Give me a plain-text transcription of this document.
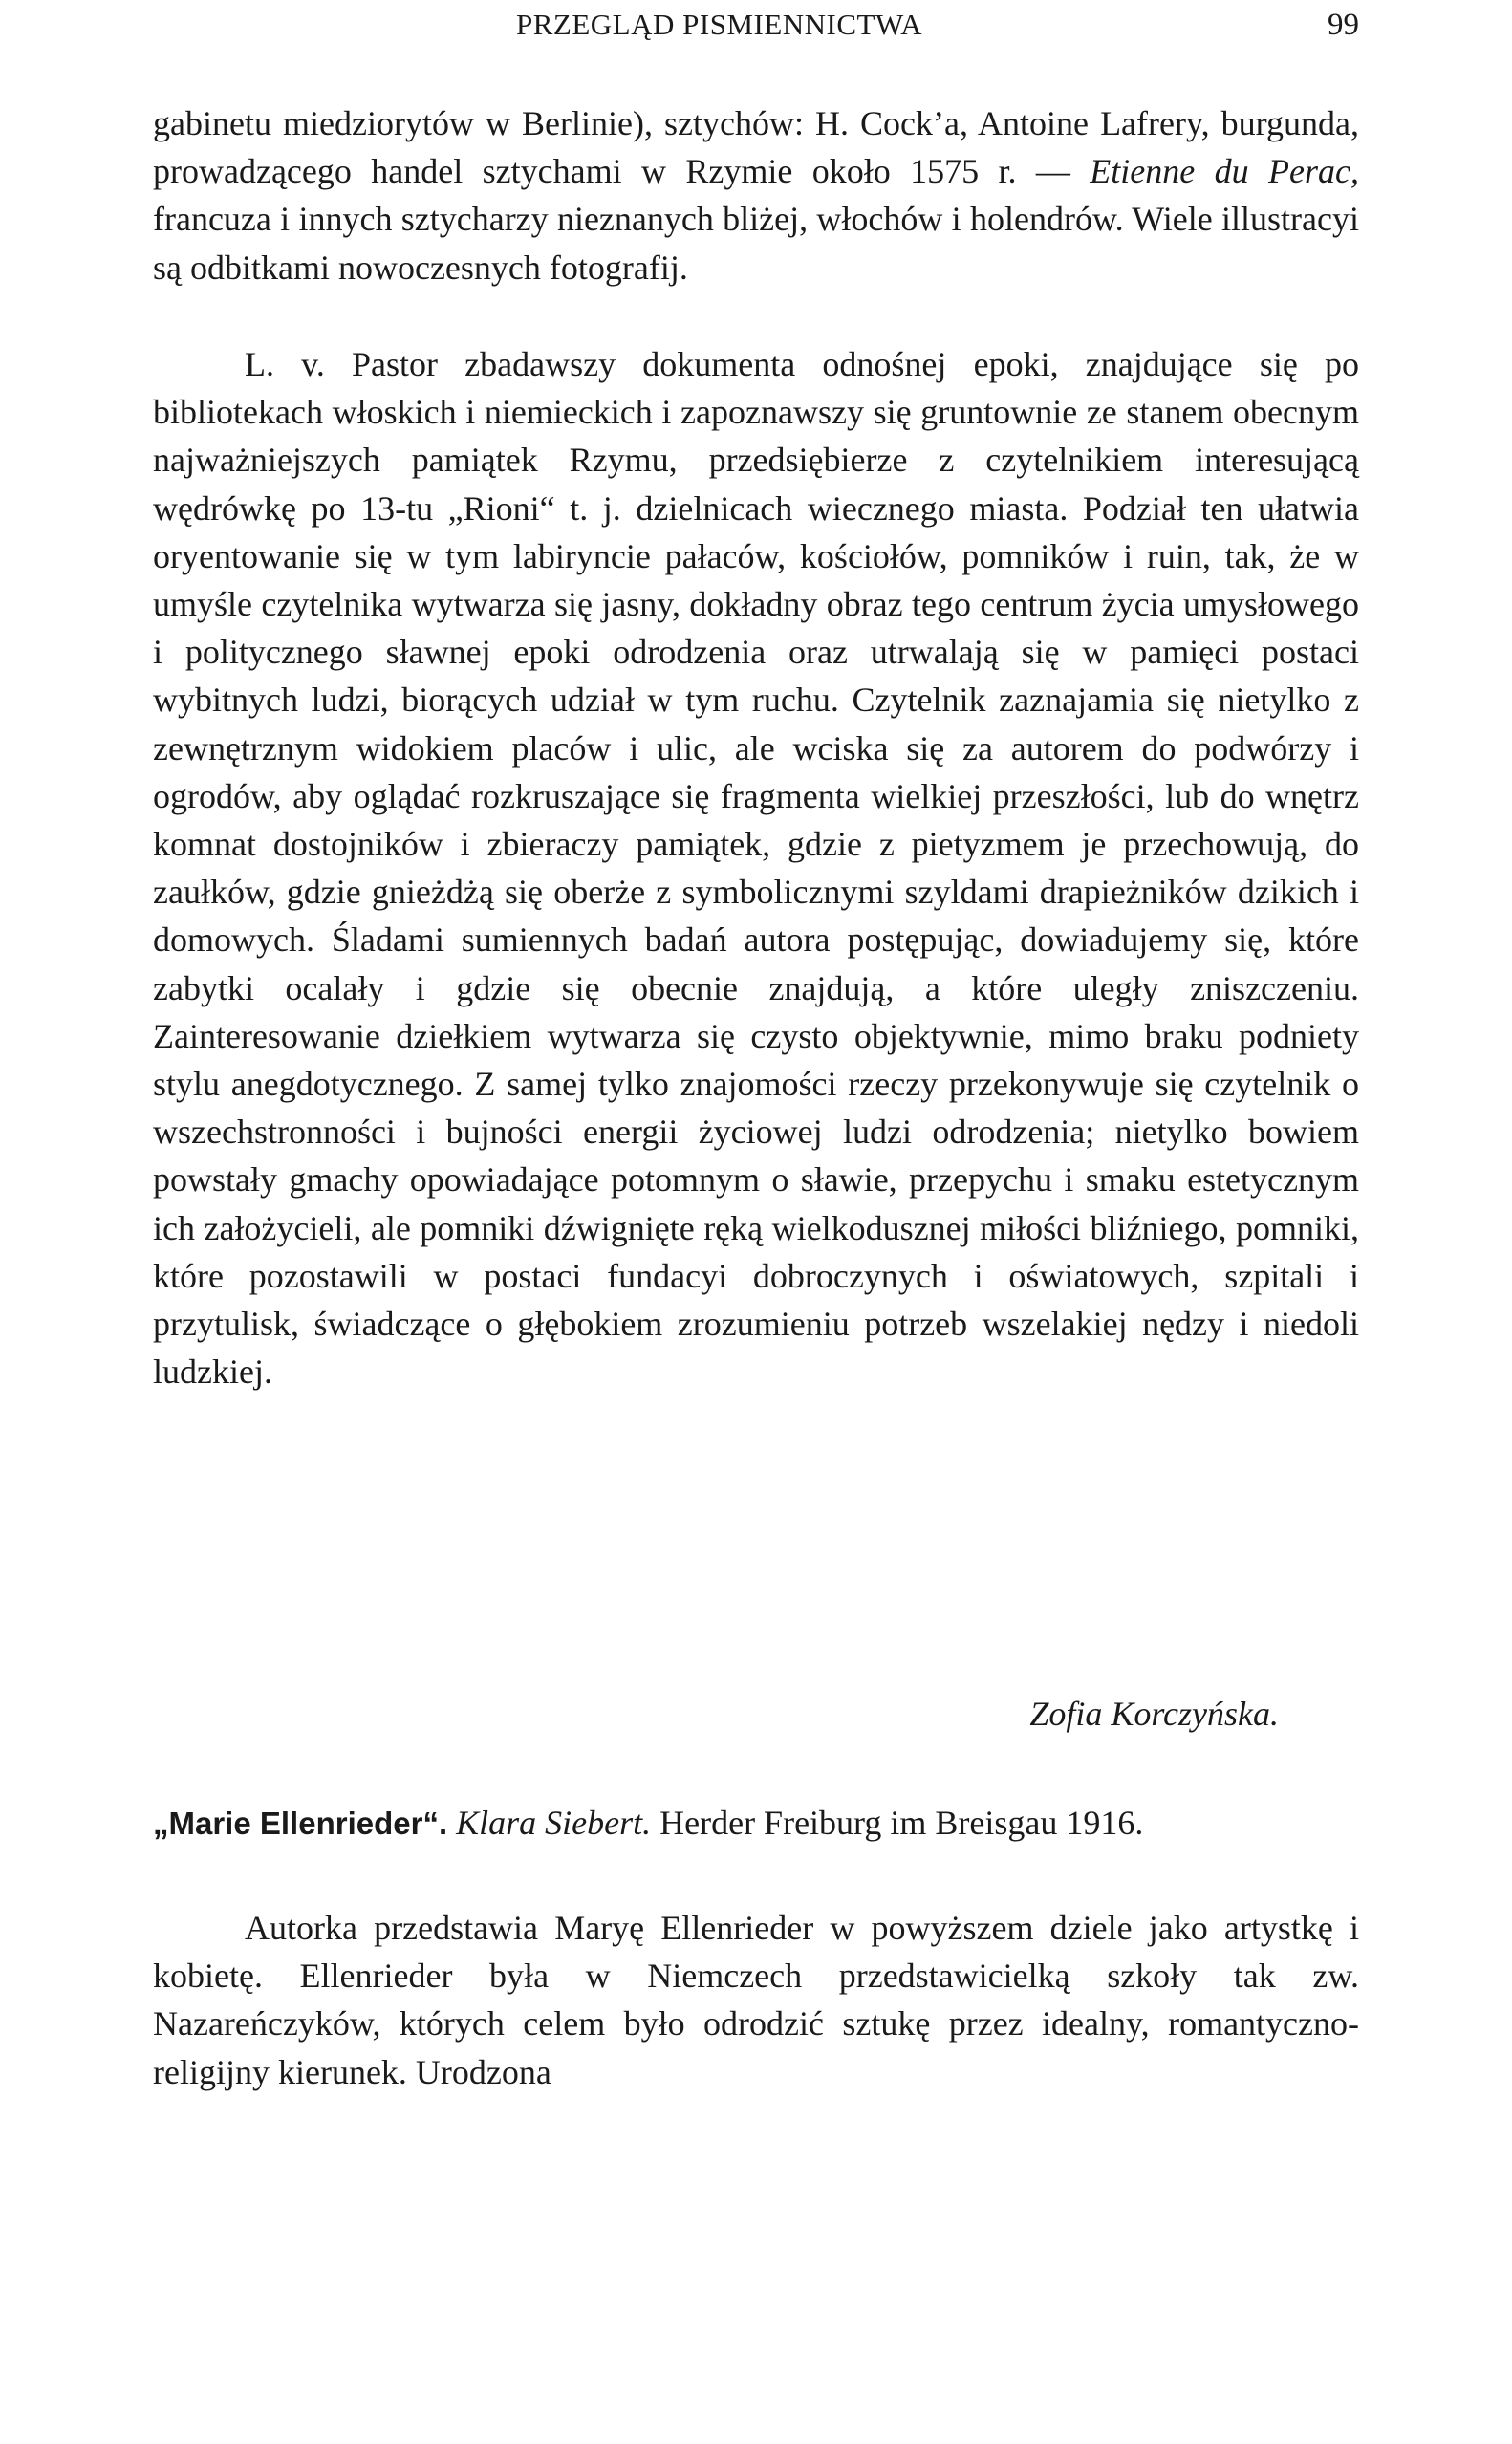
PRZEGLĄD PISMIENNICTWA	99

gabinetu miedziorytów w Berlinie), sztychów: H. Cock’a, Antoine Lafrery, burgunda, prowadzącego handel sztychami w Rzymie około 1575 r. — Etienne du Perac, francuza i innych sztycharzy nieznanych bliżej, włochów i holendrów. Wiele illustracyi są odbitkami nowoczesnych fotografij.

L. v. Pastor zbadawszy dokumenta odnośnej epoki, znajdujące się po bibliotekach włoskich i niemieckich i zapoznawszy się gruntownie ze stanem obecnym najważniejszych pamiątek Rzymu, przedsiębierze z czytelnikiem interesującą wędrówkę po 13-tu „Rioni“ t. j. dzielnicach wiecznego miasta. Podział ten ułatwia oryentowanie się w tym labiryncie pałaców, kościołów, pomników i ruin, tak, że w umyśle czytelnika wytwarza się jasny, dokładny obraz tego centrum życia umysłowego i politycznego sławnej epoki odrodzenia oraz utrwalają się w pamięci postaci wybitnych ludzi, biorących udział w tym ruchu. Czytelnik zaznajamia się nietylko z zewnętrznym widokiem placów i ulic, ale wciska się za autorem do podwórzy i ogrodów, aby oglądać rozkruszające się fragmenta wielkiej przeszłości, lub do wnętrz komnat dostojników i zbieraczy pamiątek, gdzie z pietyzmem je przechowują, do zaułków, gdzie gnieżdżą się oberże z symbolicznymi szyldami drapieżników dzikich i domowych. Śladami sumiennych badań autora postępując, dowiadujemy się, które zabytki ocalały i gdzie się obecnie znajdują, a które uległy zniszczeniu. Zainteresowanie dziełkiem wytwarza się czysto objektywnie, mimo braku podniety stylu anegdotycznego. Z samej tylko znajomości rzeczy przekonywuje się czytelnik o wszechstronności i bujności energii życiowej ludzi odrodzenia; nietylko bowiem powstały gmachy opowiadające potomnym o sławie, przepychu i smaku estetycznym ich założycieli, ale pomniki dźwignięte ręką wielkodusznej miłości bliźniego, pomniki, które pozostawili w postaci fundacyi dobroczynych i oświatowych, szpitali i przytulisk, świadczące o głębokiem zrozumieniu potrzeb wszelakiej nędzy i niedoli ludzkiej.

Zofia Korczyńska.

„Marie Ellenrieder“. Klara Siebert. Herder Freiburg im Breisgau 1916.

Autorka przedstawia Maryę Ellenrieder w powyższem dziele jako artystkę i kobietę. Ellenrieder była w Niemczech przedstawicielką szkoły tak zw. Nazareńczyków, których celem było odrodzić sztukę przez idealny, romantyczno-religijny kierunek. Urodzona
